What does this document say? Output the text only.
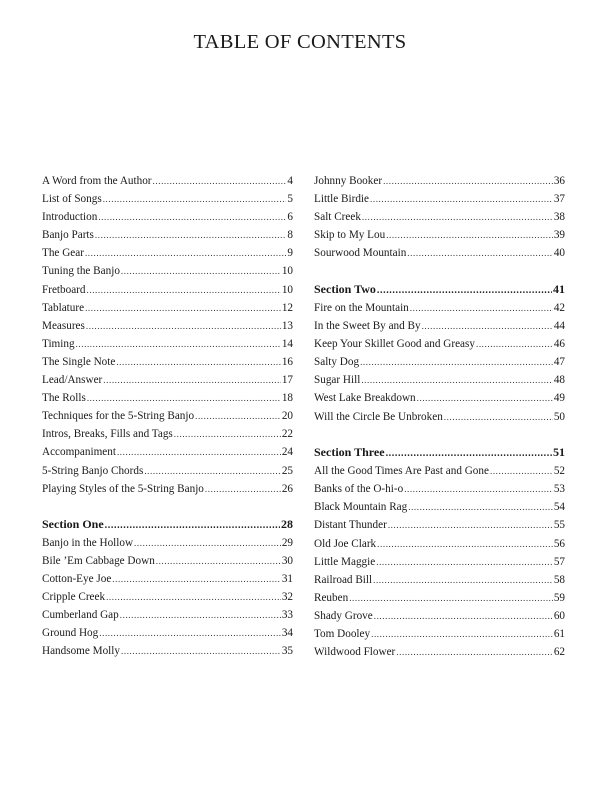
TABLE OF CONTENTS
A Word from the Author .....	4
List of Songs .....	5
Introduction .....	6
Banjo Parts .....	8
The Gear .....	9
Tuning the Banjo .....	10
Fretboard .....	10
Tablature .....	12
Measures .....	13
Timing .....	14
The Single Note .....	16
Lead/Answer .....	17
The Rolls .....	18
Techniques for the 5-String Banjo .....	20
Intros, Breaks, Fills and Tags .....	22
Accompaniment .....	24
5-String Banjo Chords .....	25
Playing Styles of the 5-String Banjo .....	26
Section One .....	28
Banjo in the Hollow .....	29
Bile ’Em Cabbage Down .....	30
Cotton-Eye Joe .....	31
Cripple Creek .....	32
Cumberland Gap .....	33
Ground Hog .....	34
Handsome Molly .....	35
Johnny Booker .....	36
Little Birdie .....	37
Salt Creek .....	38
Skip to My Lou .....	39
Sourwood Mountain .....	40
Section Two .....	41
Fire on the Mountain .....	42
In the Sweet By and By .....	44
Keep Your Skillet Good and Greasy .....	46
Salty Dog .....	47
Sugar Hill .....	48
West Lake Breakdown .....	49
Will the Circle Be Unbroken .....	50
Section Three .....	51
All the Good Times Are Past and Gone .....	52
Banks of the O-hi-o .....	53
Black Mountain Rag .....	54
Distant Thunder .....	55
Old Joe Clark .....	56
Little Maggie .....	57
Railroad Bill .....	58
Reuben .....	59
Shady Grove .....	60
Tom Dooley .....	61
Wildwood Flower .....	62
